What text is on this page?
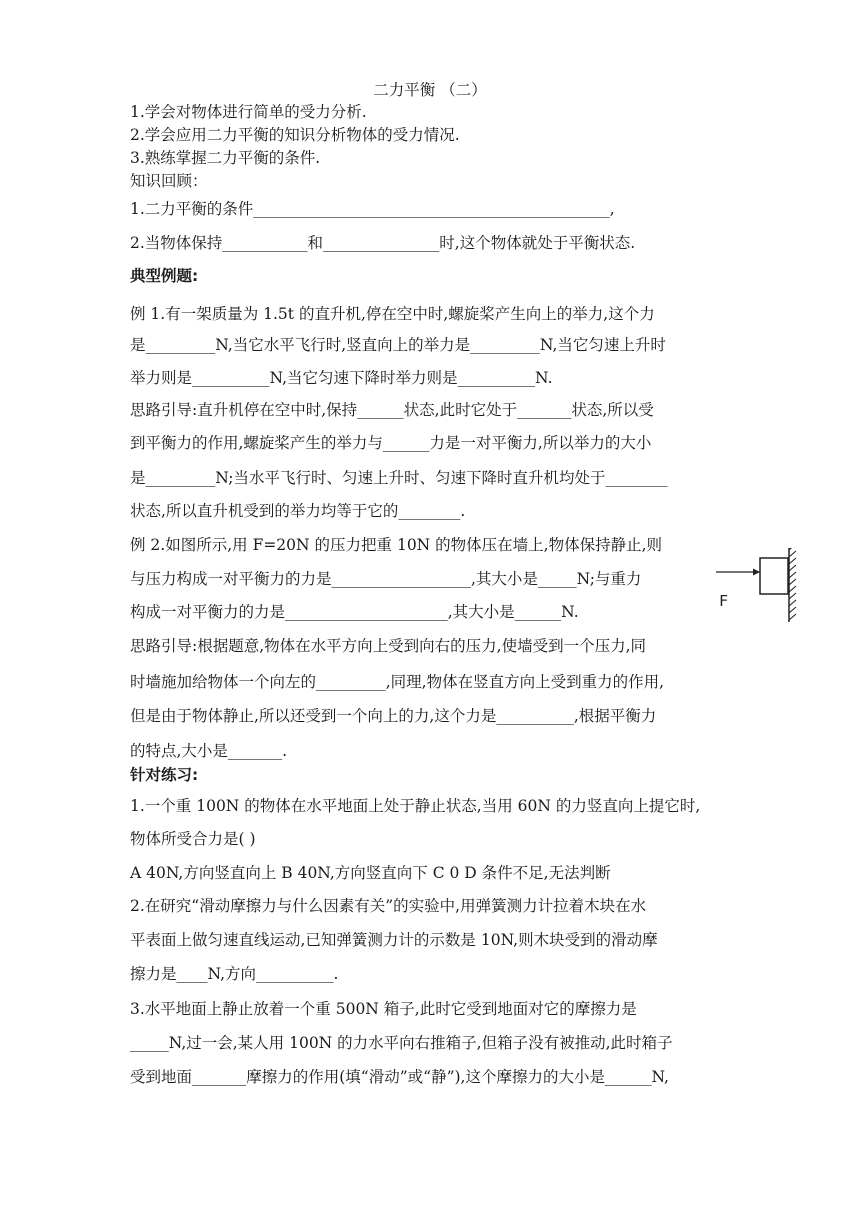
二力平衡 （二）
1.学会对物体进行简单的受力分析.
2.学会应用二力平衡的知识分析物体的受力情况.
3.熟练掌握二力平衡的条件.
知识回顾：
1.二力平衡的条件______________________________________________,
2.当物体保持___________和_______________时,这个物体就处于平衡状态.
典型例题:
例 1.有一架质量为 1.5t 的直升机,停在空中时,螺旋桨产生向上的举力,这个力
是_________N,当它水平飞行时,竖直向上的举力是_________N,当它匀速上升时
举力则是__________N,当它匀速下降时举力则是__________N.
思路引导:直升机停在空中时,保持______状态,此时它处于_______状态,所以受
到平衡力的作用,螺旋桨产生的举力与______力是一对平衡力,所以举力的大小
是_________N;当水平飞行时、匀速上升时、匀速下降时直升机均处于________
状态,所以直升机受到的举力均等于它的________.
例 2.如图所示,用 F=20N 的压力把重 10N 的物体压在墙上,物体保持静止,则
与压力构成一对平衡力的力是__________________,其大小是_____N;与重力
构成一对平衡力的力是_____________________,其大小是______N.
F
思路引导:根据题意,物体在水平方向上受到向右的压力,使墙受到一个压力,同
时墙施加给物体一个向左的_________,同理,物体在竖直方向上受到重力的作用,
但是由于物体静止,所以还受到一个向上的力,这个力是__________,根据平衡力
的特点,大小是_______.
针对练习:
1.一个重 100N 的物体在水平地面上处于静止状态,当用 60N 的力竖直向上提它时,
物体所受合力是( )
A 40N,方向竖直向上 B 40N,方向竖直向下 C 0 D 条件不足,无法判断
2.在研究“滑动摩擦力与什么因素有关”的实验中,用弹簧测力计拉着木块在水
平表面上做匀速直线运动,已知弹簧测力计的示数是 10N,则木块受到的滑动摩
擦力是____N,方向__________.
3.水平地面上静止放着一个重 500N 箱子,此时它受到地面对它的摩擦力是
_____N,过一会,某人用 100N 的力水平向右推箱子,但箱子没有被推动,此时箱子
受到地面_______摩擦力的作用(填“滑动”或“静”),这个摩擦力的大小是______N,
